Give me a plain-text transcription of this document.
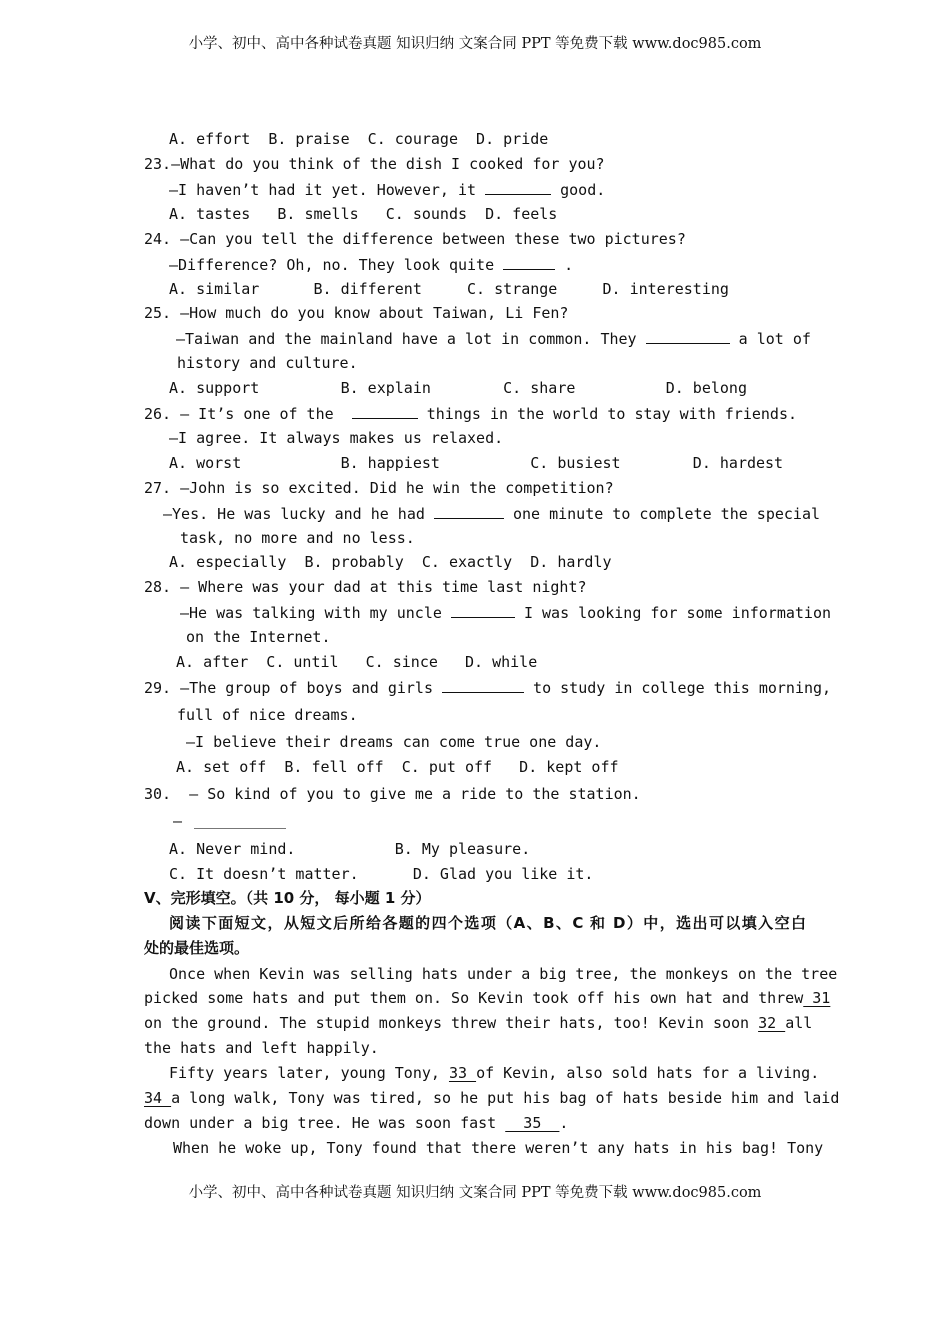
小学、初中、高中各种试卷真题 知识归纳 文案合同 PPT 等免费下载 www.doc985.com
A. effort  B. praise  C. courage  D. pride
23.—What do you think of the dish I cooked for you?
—I haven’t had it yet. However, it	good.
A. tastes   B. smells   C. sounds  D. feels
24. —Can you tell the difference between these two pictures?
—Difference? Oh, no. They look quite	.
A. similar      B. different     C. strange     D. interesting
25. —How much do you know about Taiwan, Li Fen?
—Taiwan and the mainland have a lot in common. They	a lot of
history and culture.
A. support         B. explain        C. share          D. belong
26. — It’s one of the	things in the world to stay with friends.
—I agree. It always makes us relaxed.
A. worst           B. happiest          C. busiest        D. hardest
27. —John is so excited. Did he win the competition?
—Yes. He was lucky and he had	one minute to complete the special
task, no more and no less.
A. especially  B. probably  C. exactly  D. hardly
28. — Where was your dad at this time last night?
—He was talking with my uncle	I was looking for some information
on the Internet.
A. after  C. until   C. since   D. while
29. —The group of boys and girls	to study in college this morning,
full of nice dreams.
—I believe their dreams can come true one day.
A. set off  B. fell off  C. put off   D. kept off
30.  – So kind of you to give me a ride to the station.
–
A. Never mind.           B. My pleasure.
C. It doesn’t matter.      D. Glad you like it.
V、完形填空。（共 10 分， 每小题 1 分）
阅读下面短文，从短文后所给各题的四个选项（A、B、C 和 D）中，选出可以填入空白
处的最佳选项。
Once when Kevin was selling hats under a big tree, the monkeys on the tree
picked some hats and put them on. So Kevin took off his own hat and threw 31
on the ground. The stupid monkeys threw their hats, too! Kevin soon 32 all
the hats and left happily.
Fifty years later, young Tony, 33 of Kevin, also sold hats for a living.
34 a long walk, Tony was tired, so he put his bag of hats beside him and laid
down under a big tree. He was soon fast   35  .
When he woke up, Tony found that there weren’t any hats in his bag! Tony
小学、初中、高中各种试卷真题 知识归纳 文案合同 PPT 等免费下载 www.doc985.com
